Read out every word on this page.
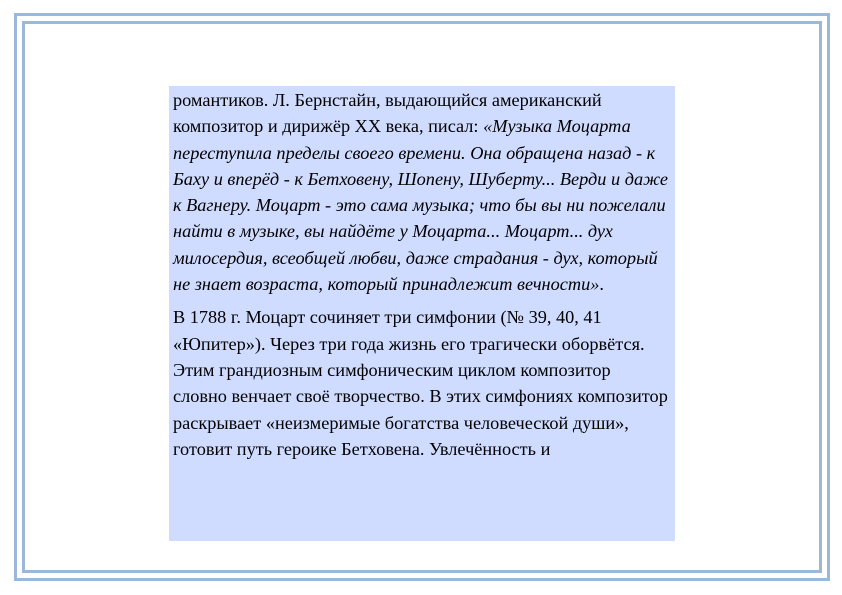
романтиков. Л. Бернстайн, выдающийся американский композитор и дирижёр XX века, писал: «Музыка Моцарта переступила пределы своего времени. Она обращена назад - к Баху и вперёд - к Бетховену, Шопену, Шуберту... Верди и даже к Вагнеру. Моцарт - это сама музыка; что бы вы ни пожелали найти в музыке, вы найдёте у Моцарта... Моцарт... дух милосердия, всеобщей любви, даже страдания - дух, который не знает возраста, который принадлежит вечности».

В 1788 г. Моцарт сочиняет три симфонии (№ 39, 40, 41 «Юпитер»). Через три года жизнь его трагически оборвётся. Этим грандиозным симфоническим циклом композитор словно венчает своё творчество. В этих симфониях композитор раскрывает «неизмеримые богатства человеческой души», готовит путь героике Бетховена. Увлечённость и
